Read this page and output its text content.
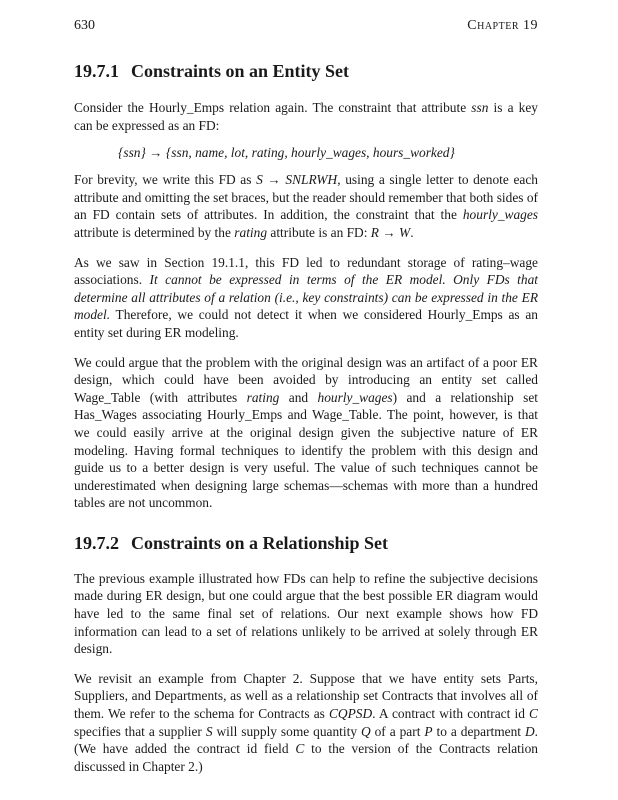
630	Chapter 19
19.7.1 Constraints on an Entity Set

Consider the Hourly_Emps relation again. The constraint that attribute ssn is a key can be expressed as an FD:

{ssn} → {ssn, name, lot, rating, hourly_wages, hours_worked}

For brevity, we write this FD as S → SNLRWH, using a single letter to denote each attribute and omitting the set braces, but the reader should remember that both sides of an FD contain sets of attributes. In addition, the constraint that the hourly_wages attribute is determined by the rating attribute is an FD: R → W.

As we saw in Section 19.1.1, this FD led to redundant storage of rating–wage associations. It cannot be expressed in terms of the ER model. Only FDs that determine all attributes of a relation (i.e., key constraints) can be expressed in the ER model. Therefore, we could not detect it when we considered Hourly_Emps as an entity set during ER modeling.

We could argue that the problem with the original design was an artifact of a poor ER design, which could have been avoided by introducing an entity set called Wage_Table (with attributes rating and hourly_wages) and a relationship set Has_Wages associating Hourly_Emps and Wage_Table. The point, however, is that we could easily arrive at the original design given the subjective nature of ER modeling. Having formal techniques to identify the problem with this design and guide us to a better design is very useful. The value of such techniques cannot be underestimated when designing large schemas—schemas with more than a hundred tables are not uncommon.

19.7.2 Constraints on a Relationship Set

The previous example illustrated how FDs can help to refine the subjective decisions made during ER design, but one could argue that the best possible ER diagram would have led to the same final set of relations. Our next example shows how FD information can lead to a set of relations unlikely to be arrived at solely through ER design.

We revisit an example from Chapter 2. Suppose that we have entity sets Parts, Suppliers, and Departments, as well as a relationship set Contracts that involves all of them. We refer to the schema for Contracts as CQPSD. A contract with contract id C specifies that a supplier S will supply some quantity Q of a part P to a department D. (We have added the contract id field C to the version of the Contracts relation discussed in Chapter 2.)
